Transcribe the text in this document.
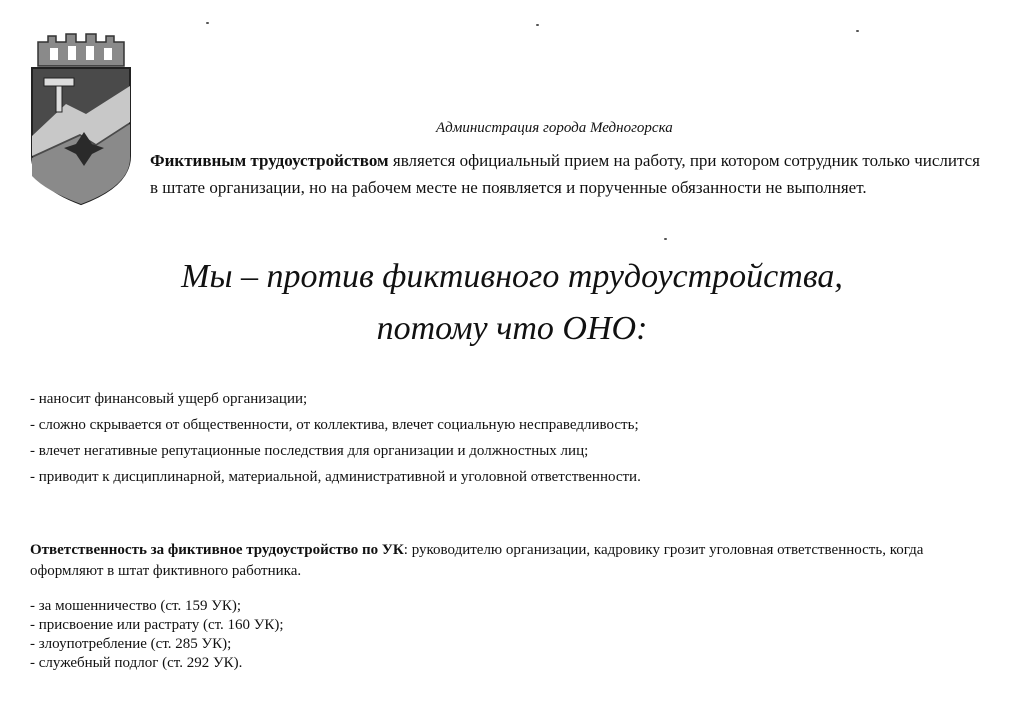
Администрация города Медногорска
Фиктивным трудоустройством является официальный прием на работу, при котором сотрудник только числится в штате организации, но на рабочем месте не появляется и порученные обязанности не выполняет.
Мы – против фиктивного трудоустройства,
потому что ОНО:
- наносит финансовый ущерб организации;
- сложно скрывается от общественности, от коллектива, влечет социальную несправедливость;
- влечет негативные репутационные последствия для организации и должностных лиц;
- приводит к дисциплинарной, материальной, административной и уголовной ответственности.
Ответственность за фиктивное трудоустройство по УК: руководителю организации, кадровику грозит уголовная ответственность, когда оформляют в штат фиктивного работника.
- за мошенничество (ст. 159 УК);
- присвоение или растрату (ст. 160 УК);
- злоупотребление (ст. 285 УК);
- служебный подлог (ст. 292 УК).
